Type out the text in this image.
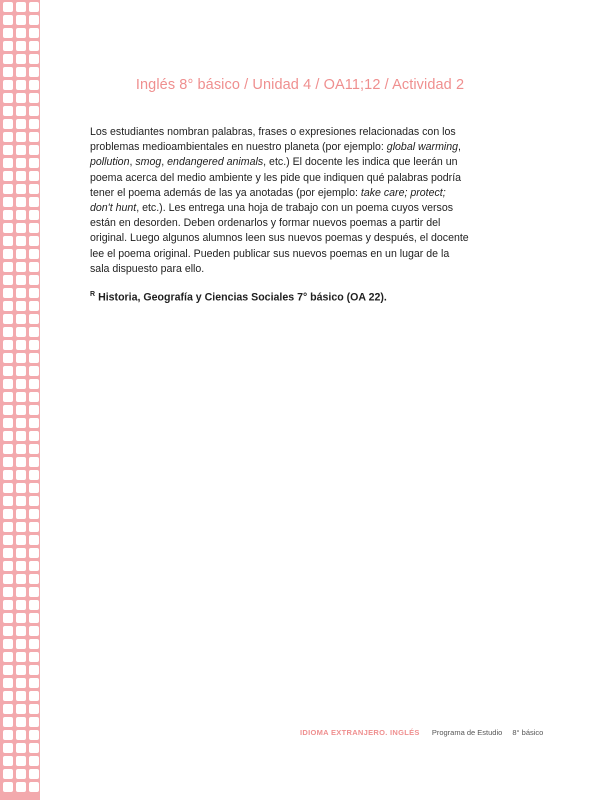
Inglés 8° básico / Unidad 4 / OA11;12 / Actividad 2

Los estudiantes nombran palabras, frases o expresiones relacionadas con los problemas medioambientales en nuestro planeta (por ejemplo: global warming, pollution, smog, endangered animals, etc.) El docente les indica que leerán un poema acerca del medio ambiente y les pide que indiquen qué palabras podría tener el poema además de las ya anotadas (por ejemplo: take care; protect; don't hunt, etc.). Les entrega una hoja de trabajo con un poema cuyos versos están en desorden. Deben ordenarlos y formar nuevos poemas a partir del original. Luego algunos alumnos leen sus nuevos poemas y después, el docente lee el poema original. Pueden publicar sus nuevos poemas en un lugar de la sala dispuesto para ello.

$^R$ Historia, Geografía y Ciencias Sociales 7° básico (OA 22).
IDIOMA EXTRANJERO. INGLÉS Programa de Estudio 8° básico
